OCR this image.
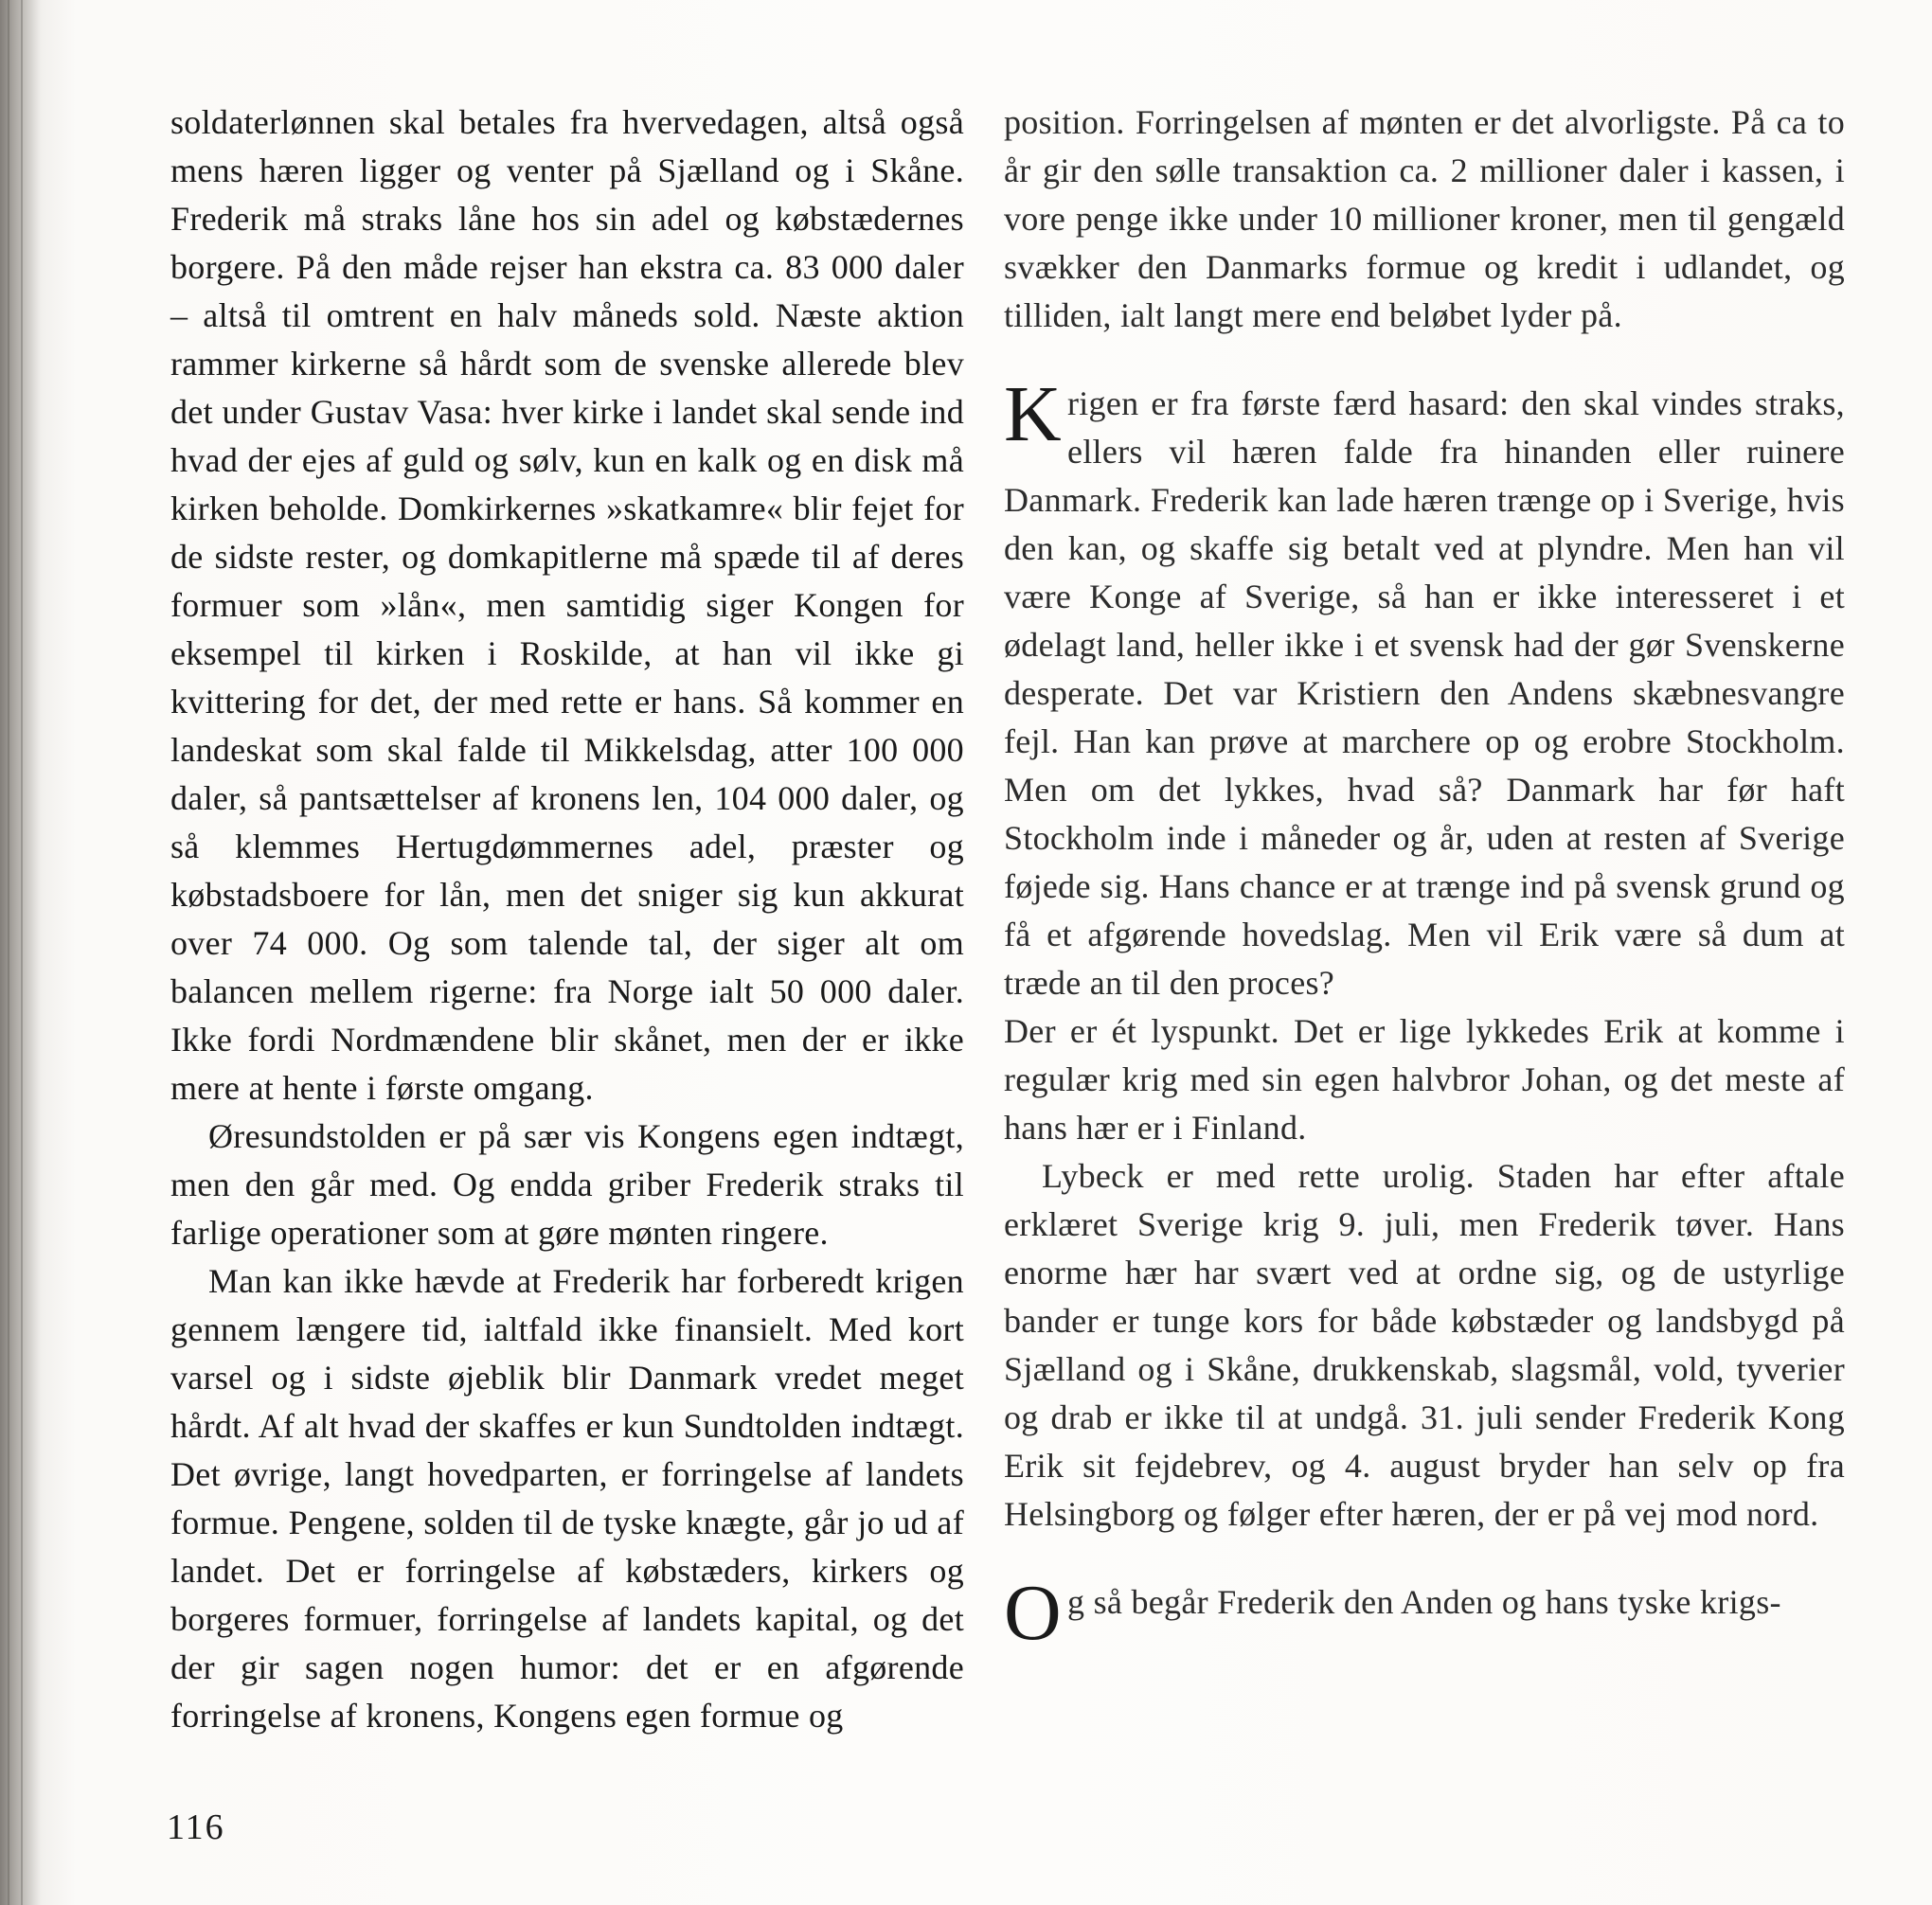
soldaterlønnen skal betales fra hvervedagen, altså også mens hæren ligger og venter på Sjælland og i Skåne. Frederik må straks låne hos sin adel og købstædernes borgere. På den måde rejser han ekstra ca. 83 000 daler – altså til omtrent en halv måneds sold. Næste aktion rammer kirkerne så hårdt som de svenske allerede blev det under Gustav Vasa: hver kirke i landet skal sende ind hvad der ejes af guld og sølv, kun en kalk og en disk må kirken beholde. Domkirkernes »skatkamre« blir fejet for de sidste rester, og domkapitlerne må spæde til af deres formuer som »lån«, men samtidig siger Kongen for eksempel til kirken i Roskilde, at han vil ikke gi kvittering for det, der med rette er hans. Så kommer en landeskat som skal falde til Mikkelsdag, atter 100 000 daler, så pantsættelser af kronens len, 104 000 daler, og så klemmes Hertugdømmernes adel, præster og købstadsboere for lån, men det sniger sig kun akkurat over 74 000. Og som talende tal, der siger alt om balancen mellem rigerne: fra Norge ialt 50 000 daler. Ikke fordi Nordmændene blir skånet, men der er ikke mere at hente i første omgang.

Øresundstolden er på sær vis Kongens egen indtægt, men den går med. Og endda griber Frederik straks til farlige operationer som at gøre mønten ringere.

Man kan ikke hævde at Frederik har forberedt krigen gennem længere tid, ialtfald ikke finansielt. Med kort varsel og i sidste øjeblik blir Danmark vredet meget hårdt. Af alt hvad der skaffes er kun Sundtolden indtægt. Det øvrige, langt hovedparten, er forringelse af landets formue. Pengene, solden til de tyske knægte, går jo ud af landet. Det er forringelse af købstæders, kirkers og borgeres formuer, forringelse af landets kapital, og det der gir sagen nogen humor: det er en afgørende forringelse af kronens, Kongens egen formue og

position. Forringelsen af mønten er det alvorligste. På ca to år gir den sølle transaktion ca. 2 millioner daler i kassen, i vore penge ikke under 10 millioner kroner, men til gengæld svækker den Danmarks formue og kredit i udlandet, og tilliden, ialt langt mere end beløbet lyder på.

Krigen er fra første færd hasard: den skal vindes straks, ellers vil hæren falde fra hinanden eller ruinere Danmark. Frederik kan lade hæren trænge op i Sverige, hvis den kan, og skaffe sig betalt ved at plyndre. Men han vil være Konge af Sverige, så han er ikke interesseret i et ødelagt land, heller ikke i et svensk had der gør Svenskerne desperate. Det var Kristiern den Andens skæbnesvangre fejl. Han kan prøve at marchere op og erobre Stockholm. Men om det lykkes, hvad så? Danmark har før haft Stockholm inde i måneder og år, uden at resten af Sverige føjede sig. Hans chance er at trænge ind på svensk grund og få et afgørende hovedslag. Men vil Erik være så dum at træde an til den proces?

Der er ét lyspunkt. Det er lige lykkedes Erik at komme i regulær krig med sin egen halvbror Johan, og det meste af hans hær er i Finland.

Lybeck er med rette urolig. Staden har efter aftale erklæret Sverige krig 9. juli, men Frederik tøver. Hans enorme hær har svært ved at ordne sig, og de ustyrlige bander er tunge kors for både købstæder og landsbygd på Sjælland og i Skåne, drukkenskab, slagsmål, vold, tyverier og drab er ikke til at undgå. 31. juli sender Frederik Kong Erik sit fejdebrev, og 4. august bryder han selv op fra Helsingborg og følger efter hæren, der er på vej mod nord.

Og så begår Frederik den Anden og hans tyske krigs-

116
